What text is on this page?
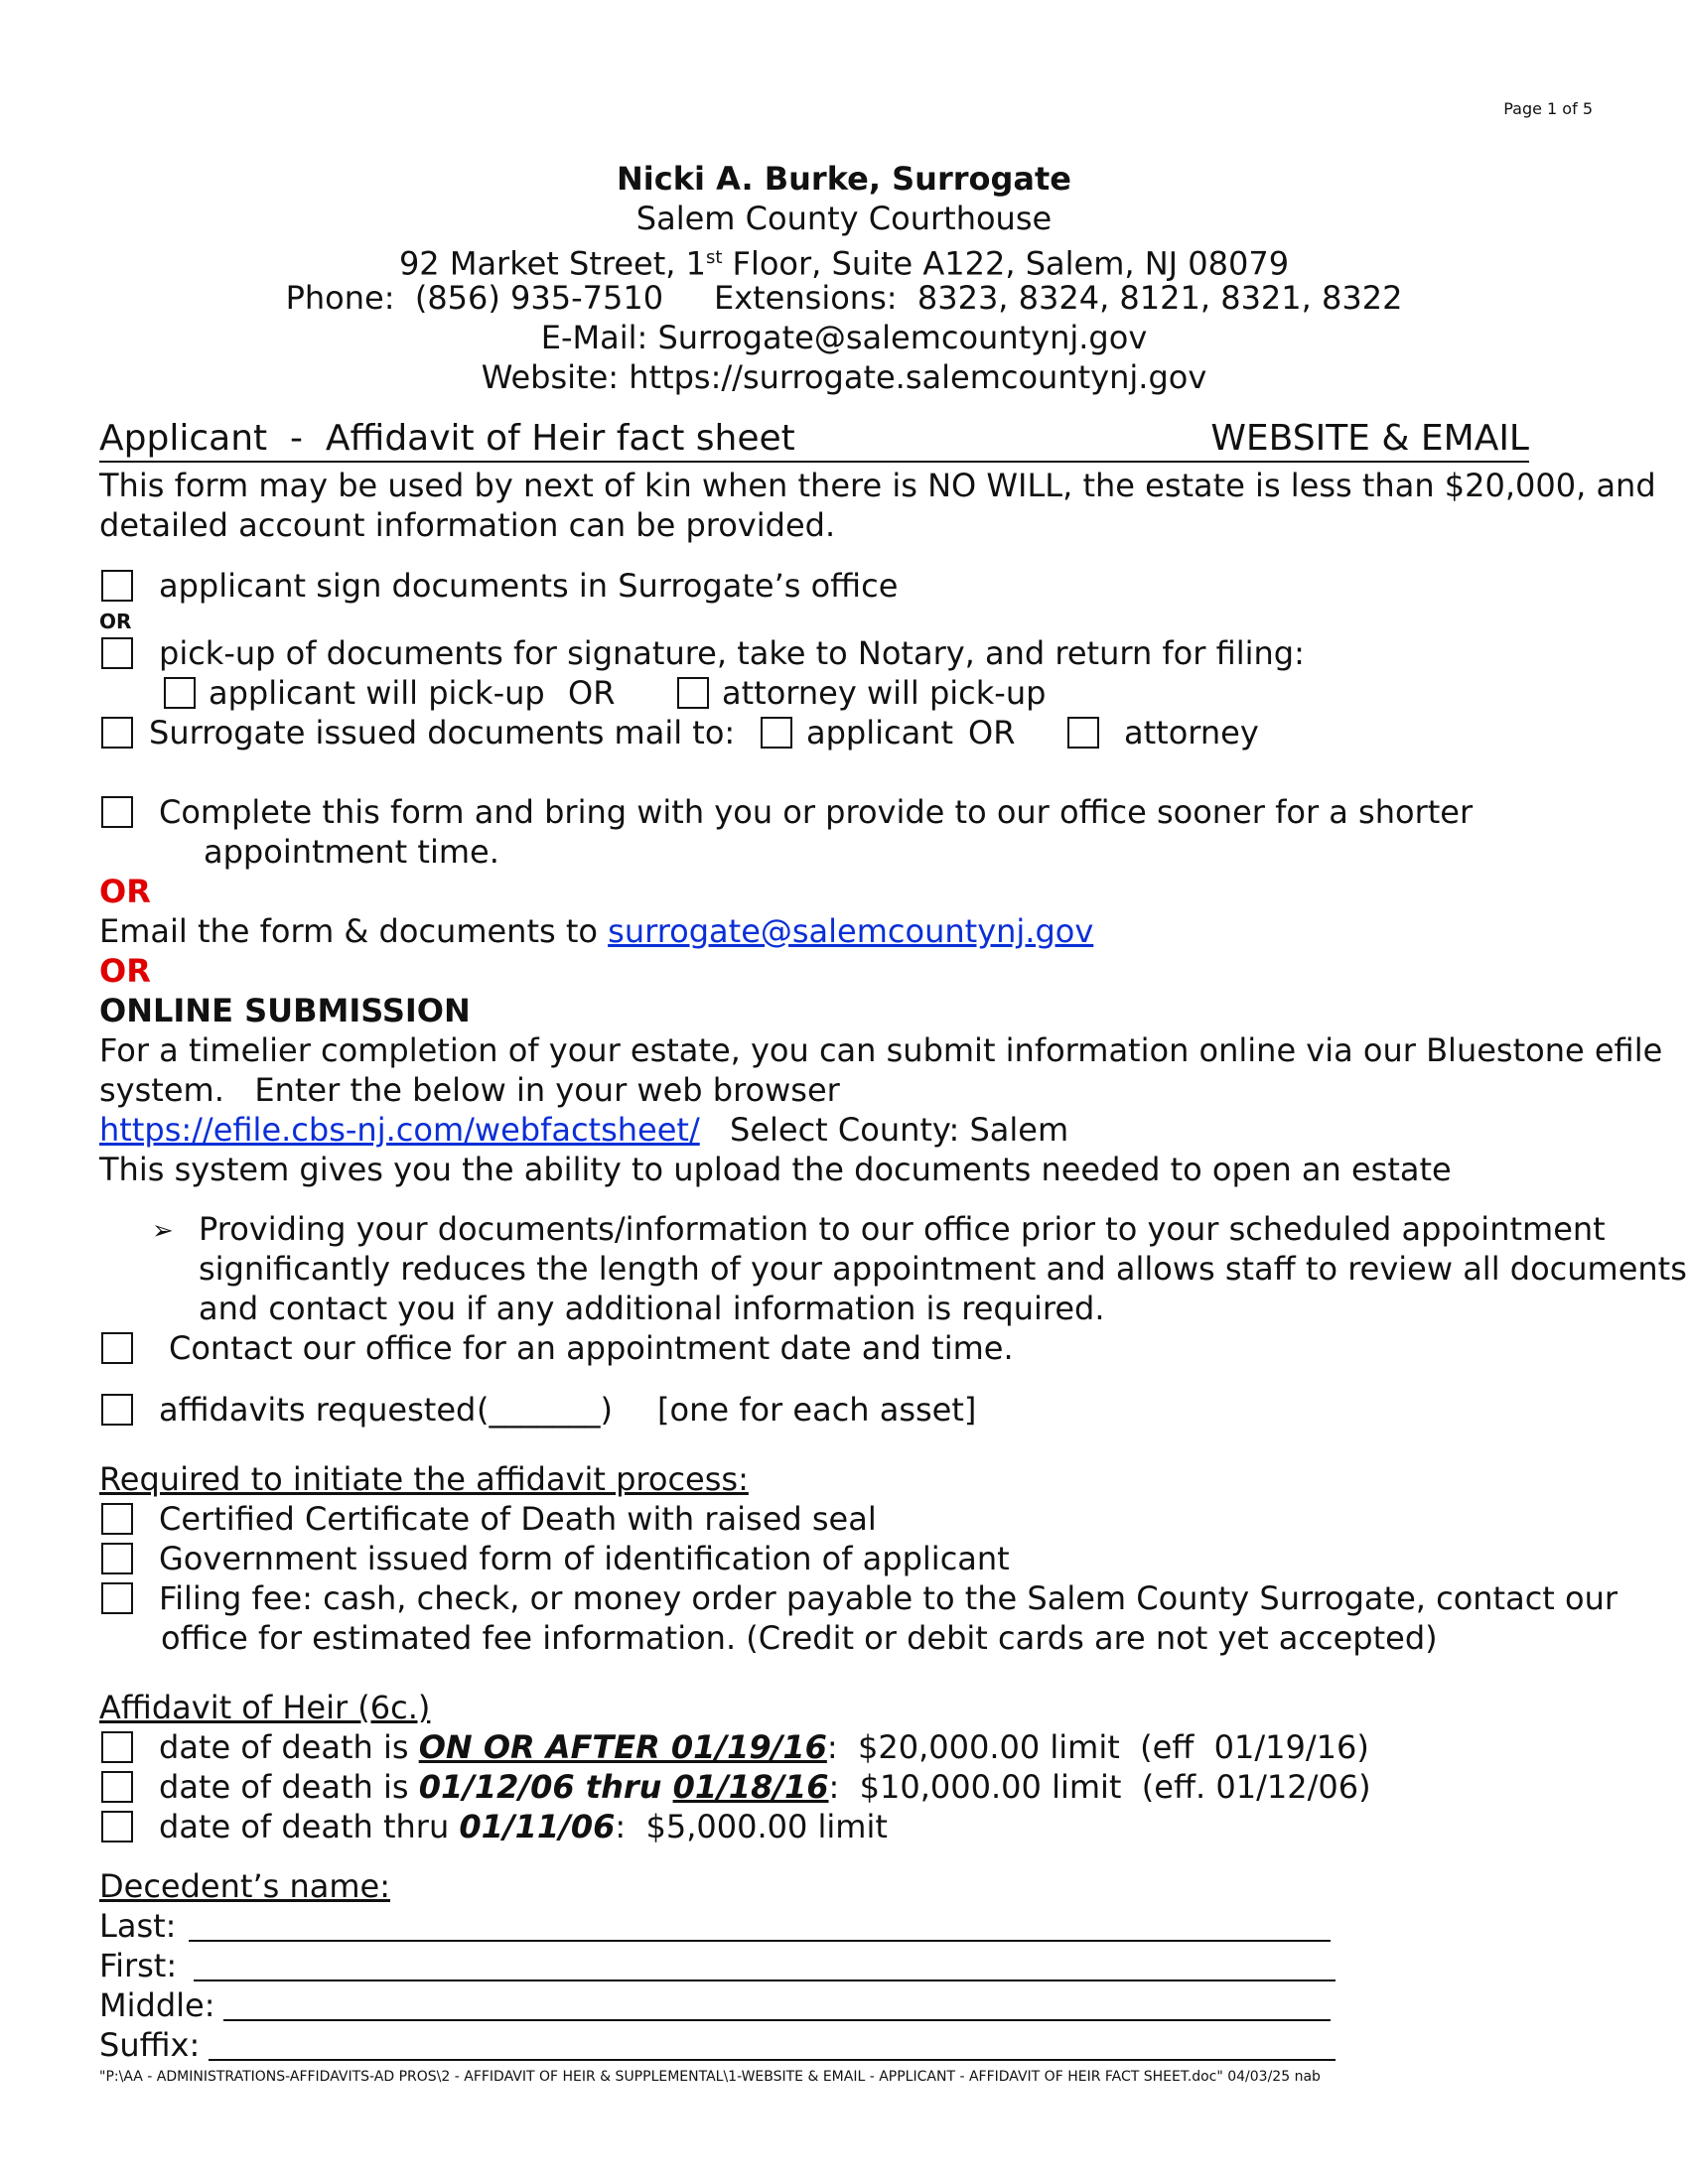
Page 1 of 5
Nicki A. Burke, Surrogate
Salem County Courthouse
92 Market Street, 1st Floor, Suite A122, Salem, NJ 08079
Phone:  (856) 935-7510     Extensions:  8323, 8324, 8121, 8321, 8322
E-Mail: Surrogate@salemcountynj.gov
Website: https://surrogate.salemcountynj.gov
Applicant  -  Affidavit of Heir fact sheet	WEBSITE & EMAIL
This form may be used by next of kin when there is NO WILL, the estate is less than $20,000, and
detailed account information can be provided.
applicant sign documents in Surrogate’s office
OR
pick-up of documents for signature, take to Notary, and return for filing:
applicant will pick-up OR	attorney will pick-up
Surrogate issued documents mail to: applicant OR	attorney
Complete this form and bring with you or provide to our office sooner for a shorter
appointment time.
OR
Email the form & documents to surrogate@salemcountynj.gov
OR
ONLINE SUBMISSION
For a timelier completion of your estate, you can submit information online via our Bluestone efile
system.   Enter the below in your web browser
https://efile.cbs-nj.com/webfactsheet/ Select County: Salem
This system gives you the ability to upload the documents needed to open an estate
➢ Providing your documents/information to our office prior to your scheduled appointment
significantly reduces the length of your appointment and allows staff to review all documents
and contact you if any additional information is required.
Contact our office for an appointment date and time.
affidavits requested (_______) [one for each asset]
Required to initiate the affidavit process:
Certified Certificate of Death with raised seal
Government issued form of identification of applicant
Filing fee: cash, check, or money order payable to the Salem County Surrogate, contact our
office for estimated fee information. (Credit or debit cards are not yet accepted)
Affidavit of Heir (6c.)
date of death is ON OR AFTER 01/19/16:  $20,000.00 limit  (eff  01/19/16)
date of death is 01/12/06 thru 01/18/16:  $10,000.00 limit  (eff. 01/12/06)
date of death thru 01/11/06:  $5,000.00 limit
Decedent’s name:
Last:
First:
Middle:
Suffix:
"P:\AA - ADMINISTRATIONS-AFFIDAVITS-AD PROS\2 - AFFIDAVIT OF HEIR & SUPPLEMENTAL\1-WEBSITE & EMAIL - APPLICANT - AFFIDAVIT OF HEIR FACT SHEET.doc" 04/03/25 nab
